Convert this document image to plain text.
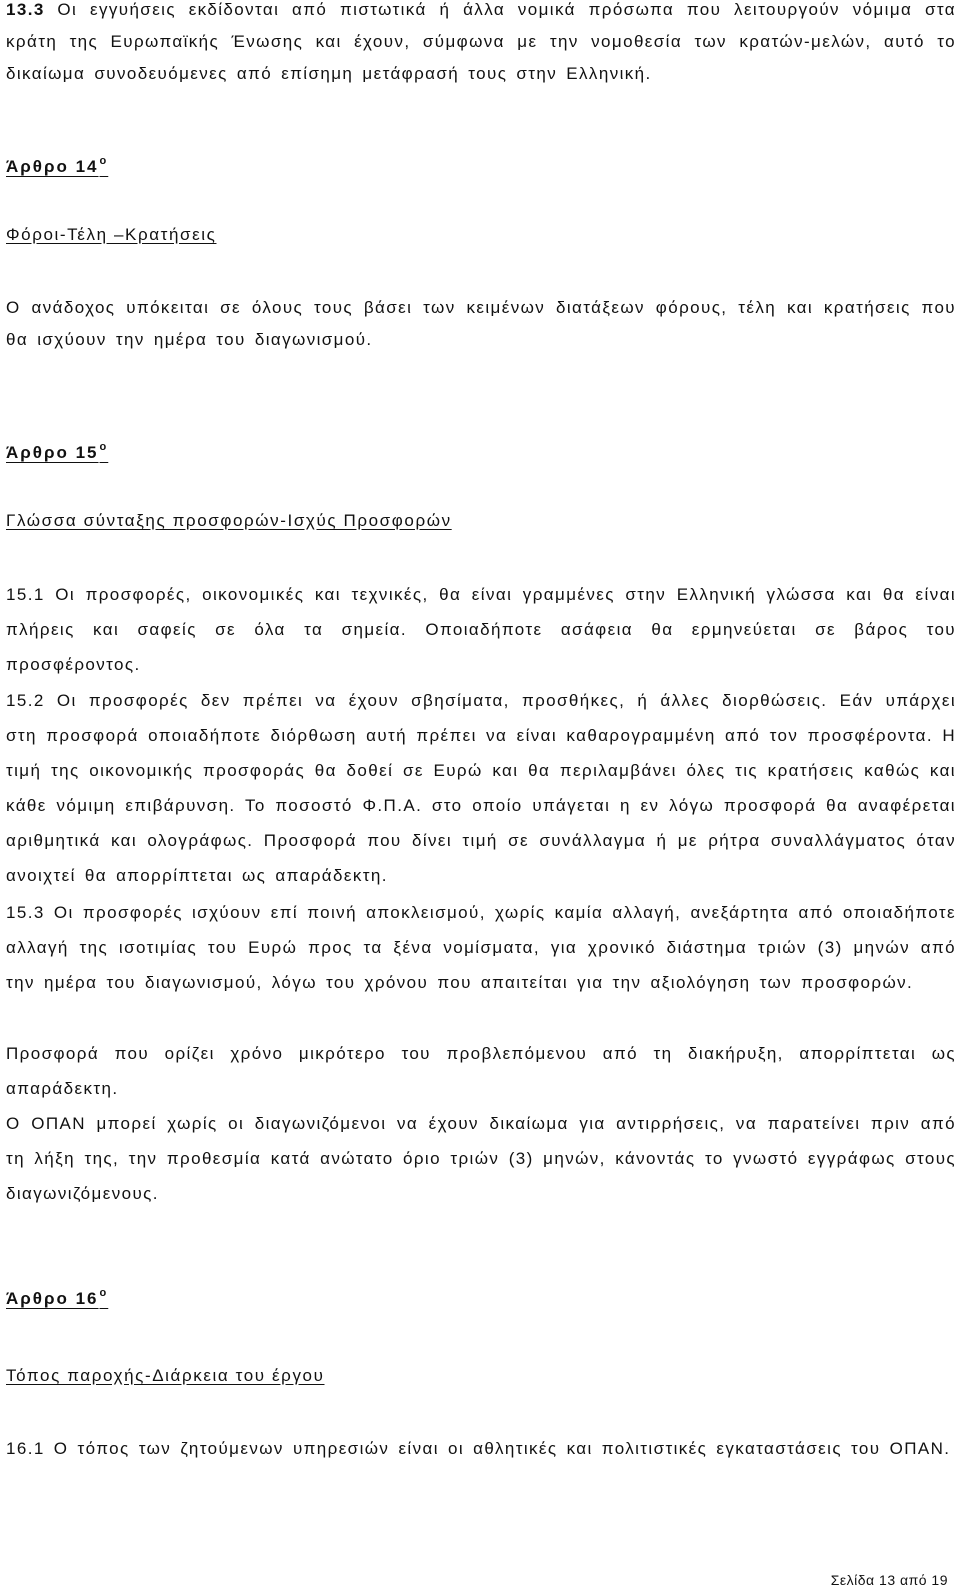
13.3 Οι εγγυήσεις εκδίδονται από πιστωτικά ή άλλα νομικά πρόσωπα που λειτουργούν νόμιμα στα κράτη της Ευρωπαϊκής Ένωσης και έχουν, σύμφωνα με την νομοθεσία των κρατών-μελών, αυτό το δικαίωμα συνοδευόμενες από επίσημη μετάφρασή τους στην Ελληνική.

Άρθρο $14^o$
Φόροι-Τέλη –Κρατήσεις

Ο ανάδοχος υπόκειται σε όλους τους βάσει των κειμένων διατάξεων φόρους, τέλη και κρατήσεις που θα ισχύουν την ημέρα του διαγωνισμού.

Άρθρο $15^o$
Γλώσσα σύνταξης προσφορών-Ισχύς Προσφορών

15.1 Οι προσφορές, οικονομικές και τεχνικές, θα είναι γραμμένες στην Ελληνική γλώσσα και θα είναι πλήρεις και σαφείς σε όλα τα σημεία. Οποιαδήποτε ασάφεια θα ερμηνεύεται σε βάρος του προσφέροντος.

15.2 Οι προσφορές δεν πρέπει να έχουν σβησίματα, προσθήκες, ή άλλες διορθώσεις. Εάν υπάρχει στη προσφορά οποιαδήποτε διόρθωση αυτή πρέπει να είναι καθαρογραμμένη από τον προσφέροντα. Η τιμή της οικονομικής προσφοράς θα δοθεί σε Ευρώ και θα περιλαμβάνει όλες τις κρατήσεις καθώς και κάθε νόμιμη επιβάρυνση. Το ποσοστό Φ.Π.Α. στο οποίο υπάγεται η εν λόγω προσφορά θα αναφέρεται αριθμητικά και ολογράφως. Προσφορά που δίνει τιμή σε συνάλλαγμα ή με ρήτρα συναλλάγματος όταν ανοιχτεί θα απορρίπτεται ως απαράδεκτη.

15.3 Οι προσφορές ισχύουν επί ποινή αποκλεισμού, χωρίς καμία αλλαγή, ανεξάρτητα από οποιαδήποτε αλλαγή της ισοτιμίας του Ευρώ προς τα ξένα νομίσματα, για χρονικό διάστημα τριών (3) μηνών από την ημέρα του διαγωνισμού, λόγω του χρόνου που απαιτείται για την αξιολόγηση των προσφορών.

Προσφορά που ορίζει χρόνο μικρότερο του προβλεπόμενου από τη διακήρυξη, απορρίπτεται ως απαράδεκτη.

Ο ΟΠΑΝ μπορεί χωρίς οι διαγωνιζόμενοι να έχουν δικαίωμα για αντιρρήσεις, να παρατείνει πριν από τη λήξη της, την προθεσμία κατά ανώτατο όριο τριών (3) μηνών, κάνοντάς το γνωστό εγγράφως στους διαγωνιζόμενους.

Άρθρο $16^o$
Τόπος παροχής-Διάρκεια του έργου

16.1 Ο τόπος των ζητούμενων υπηρεσιών είναι οι αθλητικές και πολιτιστικές εγκαταστάσεις του ΟΠΑΝ.

Σελίδα 13 από 19
